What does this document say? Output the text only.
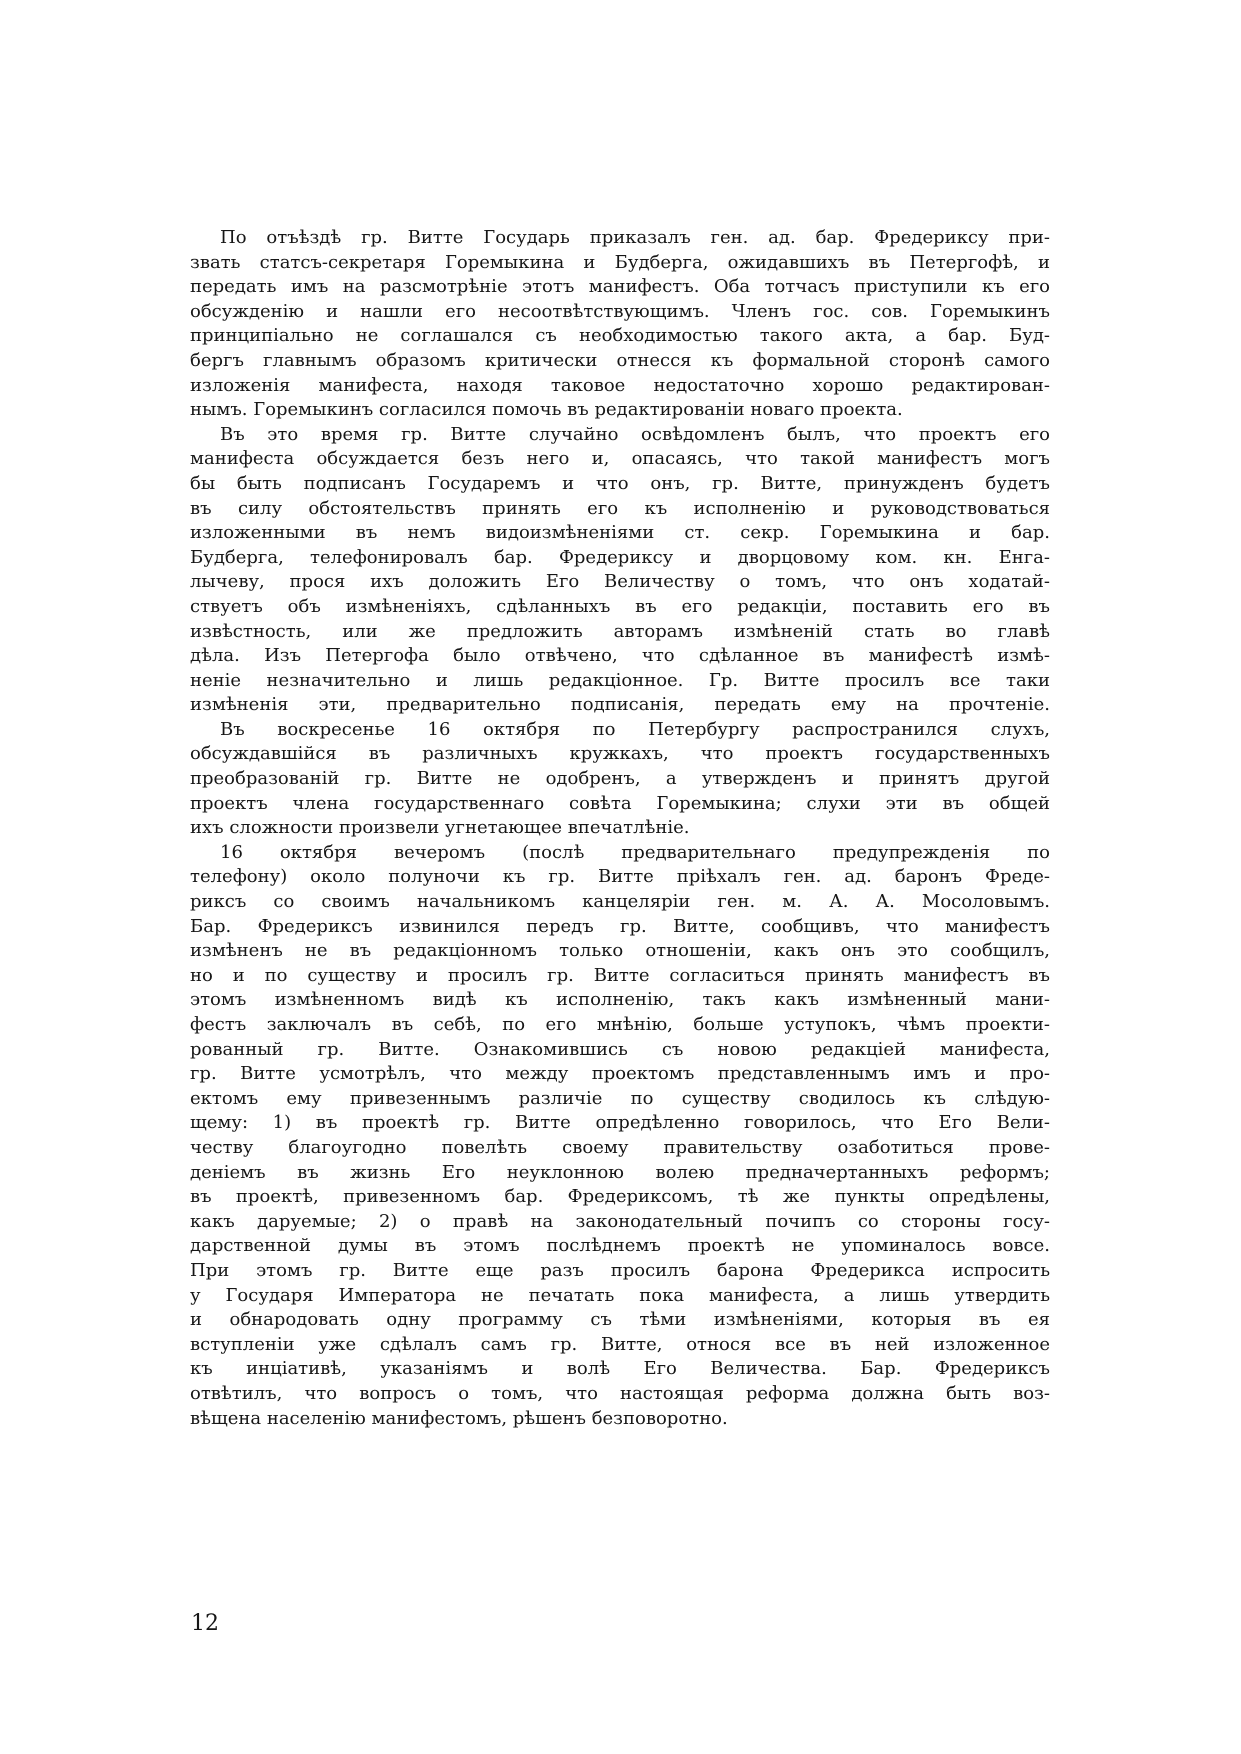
По отъѣздѣ гр. Витте Государь приказалъ ген. ад. бар. Фредериксу при-
звать статсъ-секретаря Горемыкина и Будберга, ожидавшихъ въ Петергофѣ, и
передать имъ на разсмотрѣніе этотъ манифестъ. Оба тотчасъ приступили къ его
обсужденію и нашли его несоотвѣтствующимъ. Членъ гос. сов. Горемыкинъ
принципіально не соглашался съ необходимостью такого акта, а бар. Буд-
бергъ главнымъ образомъ критически отнесся къ формальной сторонѣ самого
изложенія манифеста, находя таковое недостаточно хорошо редактирован-
нымъ. Горемыкинъ согласился помочь въ редактированіи новаго проекта.
Въ это время гр. Витте случайно освѣдомленъ былъ, что проектъ его
манифеста обсуждается безъ него и, опасаясь, что такой манифестъ могъ
бы быть подписанъ Государемъ и что онъ, гр. Витте, принужденъ будетъ
въ силу обстоятельствъ принять его къ исполненію и руководствоваться
изложенными въ немъ видоизмѣненіями ст. секр. Горемыкина и бар.
Будберга, телефонировалъ бар. Фредериксу и дворцовому ком. кн. Енга-
лычеву, прося ихъ доложить Его Величеству о томъ, что онъ ходатай-
ствуетъ объ измѣненіяхъ, сдѣланныхъ въ его редакціи, поставить его въ
извѣстность, или же предложить авторамъ измѣненій стать во главѣ
дѣла. Изъ Петергофа было отвѣчено, что сдѣланное въ манифестѣ измѣ-
неніе незначительно и лишь редакціонное. Гр. Витте просилъ все таки
измѣненія эти, предварительно подписанія, передать ему на прочтеніе.
Въ воскресенье 16 октября по Петербургу распространился слухъ,
обсуждавшійся въ различныхъ кружкахъ, что проектъ государственныхъ
преобразованій гр. Витте не одобренъ, а утвержденъ и принятъ другой
проектъ члена государственнаго совѣта Горемыкина; слухи эти въ общей
ихъ сложности произвели угнетающее впечатлѣніе.
16 октября вечеромъ (послѣ предварительнаго предупрежденія по
телефону) около полуночи къ гр. Витте пріѣхалъ ген. ад. баронъ Фреде-
риксъ со своимъ начальникомъ канцеляріи ген. м. А. А. Мосоловымъ.
Бар. Фредериксъ извинился передъ гр. Витте, сообщивъ, что манифестъ
измѣненъ не въ редакціонномъ только отношеніи, какъ онъ это сообщилъ,
но и по существу и просилъ гр. Витте согласиться принять манифестъ въ
этомъ измѣненномъ видѣ къ исполненію, такъ какъ измѣненный мани-
фестъ заключалъ въ себѣ, по его мнѣнію, больше уступокъ, чѣмъ проекти-
рованный гр. Витте. Ознакомившись съ новою редакціей манифеста,
гр. Витте усмотрѣлъ, что между проектомъ представленнымъ имъ и про-
ектомъ ему привезеннымъ различіе по существу сводилось къ слѣдую-
щему: 1) въ проектѣ гр. Витте опредѣленно говорилось, что Его Вели-
честву благоугодно повелѣть своему правительству озаботиться прове-
деніемъ въ жизнь Его неуклонною волею предначертанныхъ реформъ;
въ проектѣ, привезенномъ бар. Фредериксомъ, тѣ же пункты опредѣлены,
какъ даруемые; 2) о правѣ на законодательный почипъ со стороны госу-
дарственной думы въ этомъ послѣднемъ проектѣ не упоминалось вовсе.
При этомъ гр. Витте еще разъ просилъ барона Фредерикса испросить
у Государя Императора не печатать пока манифеста, а лишь утвердить
и обнародовать одну программу съ тѣми измѣненіями, которыя въ ея
вступленіи уже сдѣлалъ самъ гр. Витте, относя все въ ней изложенное
къ инціативѣ, указаніямъ и волѣ Его Величества. Бар. Фредериксъ
отвѣтилъ, что вопросъ о томъ, что настоящая реформа должна быть воз-
вѣщена населенію манифестомъ, рѣшенъ безповоротно.
12
